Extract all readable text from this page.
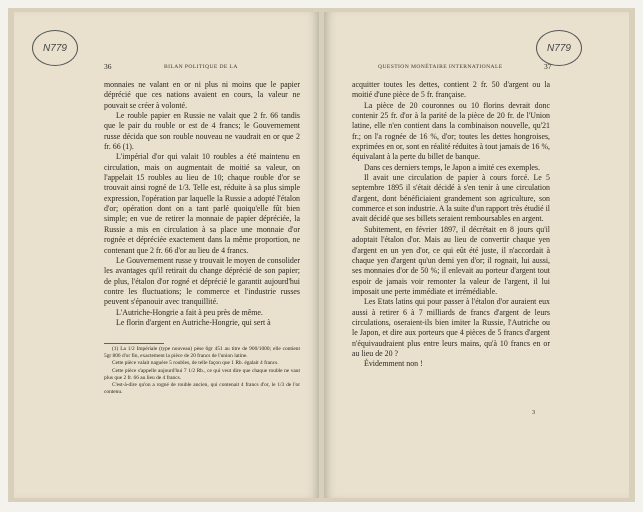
N779
36	BILAN POLITIQUE DE LA

monnaies ne valant en or ni plus ni moins que le papier déprécié que ces nations avaient en cours, la valeur ne pouvait se créer à volonté.

Le rouble papier en Russie ne valait que 2 fr. 66 tandis que le pair du rouble or est de 4 francs; le Gouvernement russe décida que son rouble nouveau ne vaudrait en or que 2 fr. 66 (1).

L'impérial d'or qui valait 10 roubles a été maintenu en circulation, mais on augmentait de moitié sa valeur, on l'appelait 15 roubles au lieu de 10; chaque rouble d'or se trouvait ainsi rogné de 1/3. Telle est, réduite à sa plus simple expression, l'opération par laquelle la Russie a adopté l'étalon d'or; opération dont on a tant parlé quoiqu'elle fût bien simple; en vue de retirer la monnaie de papier dépréciée, la Russie a mis en circulation à sa place une monnaie d'or rognée et dépréciée exactement dans la même proportion, ne contenant que 2 fr. 66 d'or au lieu de 4 francs.

Le Gouvernement russe y trouvait le moyen de consolider les avantages qu'il retirait du change déprécié de son papier; de plus, l'étalon d'or rogné et déprécié le garantit aujourd'hui contre les fluctuations; le commerce et l'industrie russes peuvent s'épanouir avec tranquillité.

L'Autriche-Hongrie a fait à peu près de même.

Le florin d'argent en Autriche-Hongrie, qui sert à

(1) La 1/2 Impériale (type nouveau) pèse 6gr 451 au titre de 900/1000; elle contient 5gr 806 d'or fin, exactement la pièce de 20 francs de l'union latine.

Cette pièce valait naguère 5 roubles, de telle façon que 1 Rb. égalait 4 francs.

Cette pièce s'appelle aujourd'hui 7 1/2 Rb., ce qui veut dire que chaque rouble ne vaut plus que 2 fr. 66 au lieu de 4 francs.

C'est-à-dire qu'on a rogné de rouble ancien, qui contenait 4 francs d'or, le 1/3 de l'or contenu.

N779
QUESTION MONÉTAIRE INTERNATIONALE	37

acquitter toutes les dettes, contient 2 fr. 50 d'argent ou la moitié d'une pièce de 5 fr. française.

La pièce de 20 couronnes ou 10 florins devrait donc contenir 25 fr. d'or à la parité de la pièce de 20 fr. de l'Union latine, elle n'en contient dans la combinaison nouvelle, qu'21 fr.; on l'a rognée de 16 %, d'or; toutes les dettes hongroises, exprimées en or, sont en réalité réduites à tout jamais de 16 %, équivalant à la perte du billet de banque.

Dans ces derniers temps, le Japon a imité ces exemples.

Il avait une circulation de papier à cours forcé. Le 5 septembre 1895 il s'était décidé à s'en tenir à une circulation d'argent, dont bénéficiaient grandement son agriculture, son commerce et son industrie. A la suite d'un rapport très étudié il avait décidé que ses billets seraient remboursables en argent.

Subitement, en février 1897, il décrétait en 8 jours qu'il adoptait l'étalon d'or. Mais au lieu de convertir chaque yen d'argent en un yen d'or, ce qui eût été juste, il n'accordait à chaque yen d'argent qu'un demi yen d'or; il rognait, lui aussi, ses monnaies d'or de 50 %; il enlevait au porteur d'argent tout espoir de jamais voir remonter la valeur de l'argent, il lui imposait une perte immédiate et irrémédiable.

Les Etats latins qui pour passer à l'étalon d'or auraient eux aussi à retirer 6 à 7 milliards de francs d'argent de leurs circulations, oseraient-ils bien imiter la Russie, l'Autriche ou le Japon, et dire aux porteurs que 4 pièces de 5 francs d'argent n'équivaudraient plus entre leurs mains, qu'à 10 francs en or au lieu de 20 ?

Évidemment non !

3
